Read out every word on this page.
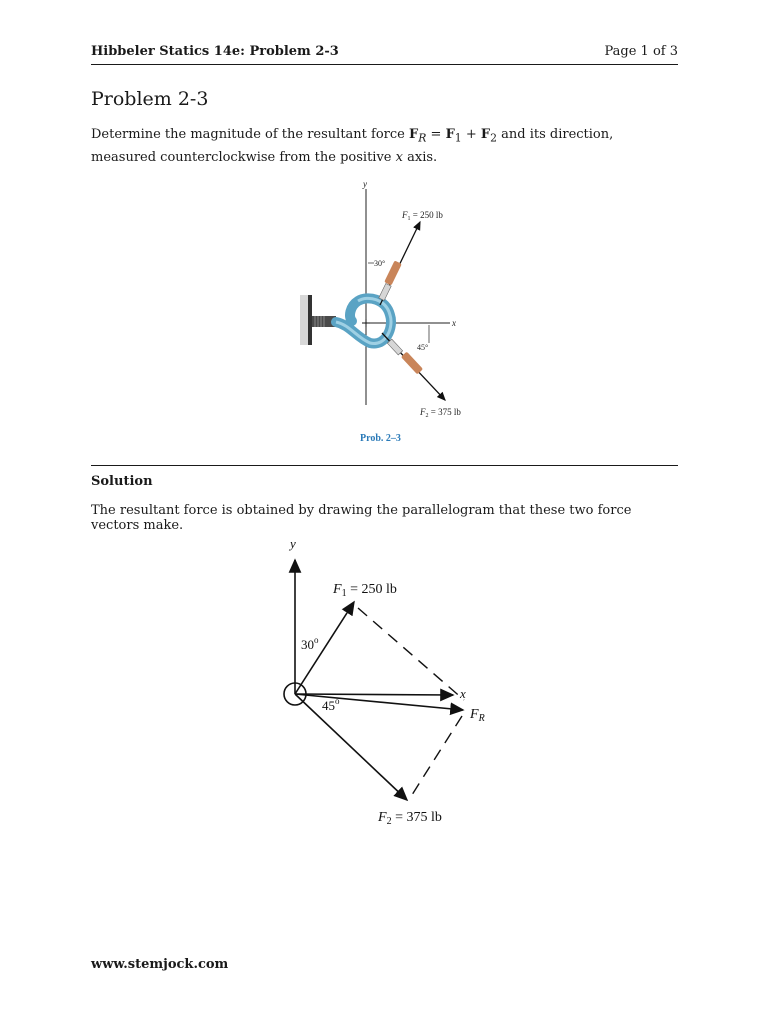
Hibbeler Statics 14e: Problem 2-3	Page 1 of 3
Problem 2-3
Determine the magnitude of the resultant force $F_R = F_1 + F_2$ and its direction, measured counterclockwise from the positive x axis.
y
x
30°
45°
$F_1 = 250$ lb
$F_2 = 375$ lb
Prob. 2–3
Solution
The resultant force is obtained by drawing the parallelogram that these two force vectors make.
y
x
$F_1 = 250$ lb
$F_2 = 375$ lb
$F_R$
30$^o$
45$^o$
www.stemjock.com
